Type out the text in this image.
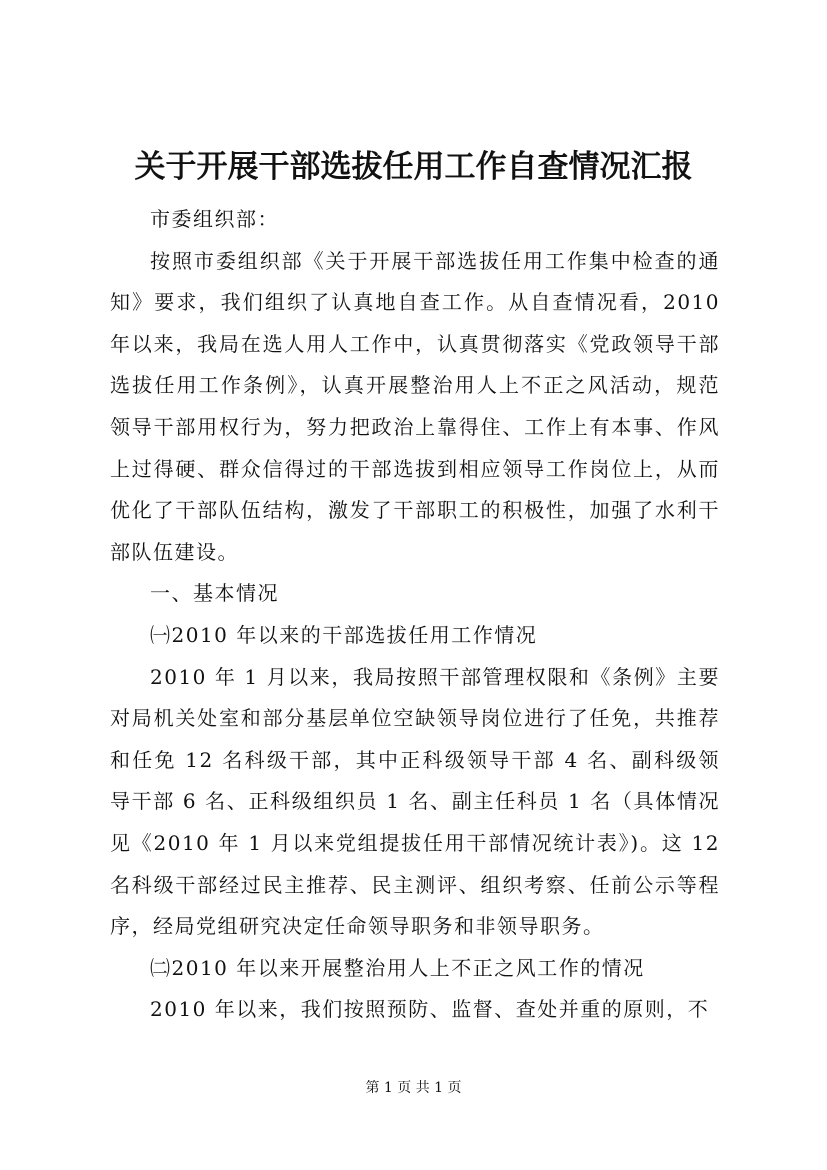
关于开展干部选拔任用工作自查情况汇报

市委组织部：

按照市委组织部《关于开展干部选拔任用工作集中检查的通知》要求，我们组织了认真地自查工作。从自查情况看，2010年以来，我局在选人用人工作中，认真贯彻落实《党政领导干部选拔任用工作条例》，认真开展整治用人上不正之风活动，规范领导干部用权行为，努力把政治上靠得住、工作上有本事、作风上过得硬、群众信得过的干部选拔到相应领导工作岗位上，从而优化了干部队伍结构，激发了干部职工的积极性，加强了水利干部队伍建设。

一、基本情况

㈠2010 年以来的干部选拔任用工作情况

2010 年 1 月以来，我局按照干部管理权限和《条例》主要对局机关处室和部分基层单位空缺领导岗位进行了任免，共推荐和任免 12 名科级干部，其中正科级领导干部 4 名、副科级领导干部 6 名、正科级组织员 1 名、副主任科员 1 名（具体情况见《2010 年 1 月以来党组提拔任用干部情况统计表》)。这 12 名科级干部经过民主推荐、民主测评、组织考察、任前公示等程序，经局党组研究决定任命领导职务和非领导职务。

㈡2010 年以来开展整治用人上不正之风工作的情况

2010 年以来，我们按照预防、监督、查处并重的原则，不

第 1 页 共 1 页
